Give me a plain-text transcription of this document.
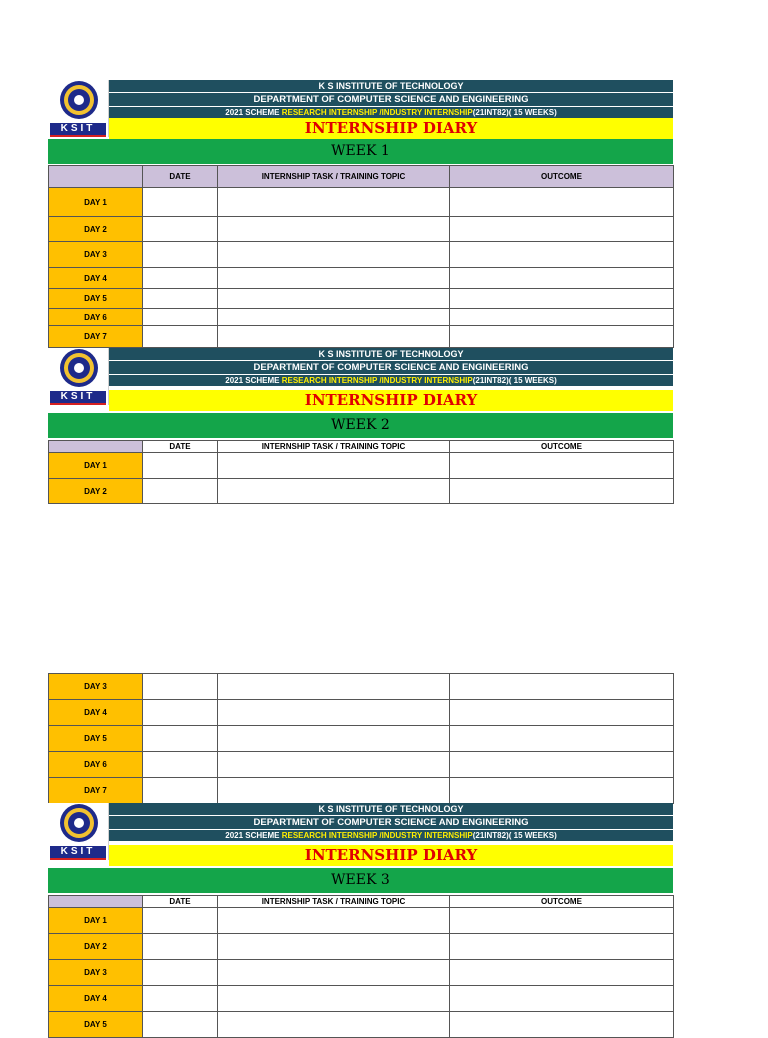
KSIT
K S INSTITUTE OF TECHNOLOGY
DEPARTMENT OF COMPUTER SCIENCE AND ENGINEERING
2021 SCHEME RESEARCH INTERNSHIP /INDUSTRY INTERNSHIP(21INT82)( 15 WEEKS)
INTERNSHIP DIARY
WEEK 1
	DATE	INTERNSHIP TASK / TRAINING TOPIC	OUTCOME
DAY 1			
DAY 2			
DAY 3			
DAY 4			
DAY 5			
DAY 6			
DAY 7			
KSIT
K S INSTITUTE OF TECHNOLOGY
DEPARTMENT OF COMPUTER SCIENCE AND ENGINEERING
2021 SCHEME RESEARCH INTERNSHIP /INDUSTRY INTERNSHIP(21INT82)( 15 WEEKS)
INTERNSHIP DIARY
WEEK 2
	DATE	INTERNSHIP TASK / TRAINING TOPIC	OUTCOME
DAY 1			
DAY 2			
DAY 3			
DAY 4			
DAY 5			
DAY 6			
DAY 7			
KSIT
K S INSTITUTE OF TECHNOLOGY
DEPARTMENT OF COMPUTER SCIENCE AND ENGINEERING
2021 SCHEME RESEARCH INTERNSHIP /INDUSTRY INTERNSHIP(21INT82)( 15 WEEKS)
INTERNSHIP DIARY
WEEK 3
	DATE	INTERNSHIP TASK / TRAINING TOPIC	OUTCOME
DAY 1			
DAY 2			
DAY 3			
DAY 4			
DAY 5			
